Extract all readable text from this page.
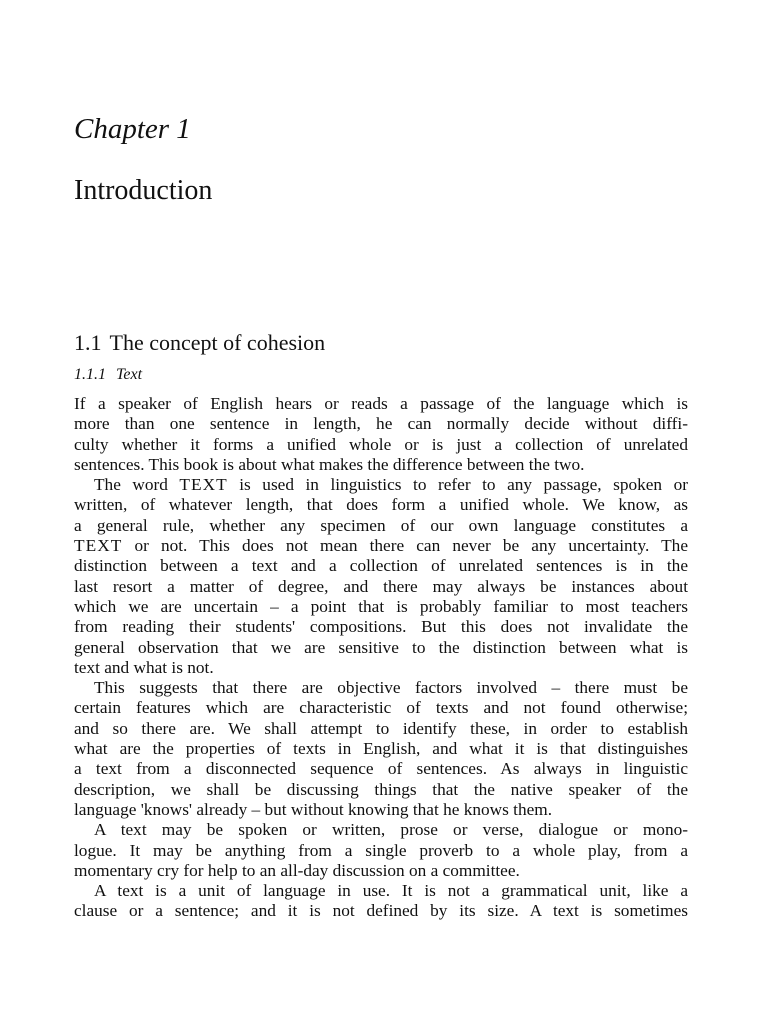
Chapter 1
Introduction
1.1 The concept of cohesion
1.1.1 Text
If a speaker of English hears or reads a passage of the language which is
more than one sentence in length, he can normally decide without diffi-
culty whether it forms a unified whole or is just a collection of unrelated
sentences. This book is about what makes the difference between the two.
The word TEXT is used in linguistics to refer to any passage, spoken or
written, of whatever length, that does form a unified whole. We know, as
a general rule, whether any specimen of our own language constitutes a
TEXT or not. This does not mean there can never be any uncertainty. The
distinction between a text and a collection of unrelated sentences is in the
last resort a matter of degree, and there may always be instances about
which we are uncertain – a point that is probably familiar to most teachers
from reading their students' compositions. But this does not invalidate the
general observation that we are sensitive to the distinction between what is
text and what is not.
This suggests that there are objective factors involved – there must be
certain features which are characteristic of texts and not found otherwise;
and so there are. We shall attempt to identify these, in order to establish
what are the properties of texts in English, and what it is that distinguishes
a text from a disconnected sequence of sentences. As always in linguistic
description, we shall be discussing things that the native speaker of the
language 'knows' already – but without knowing that he knows them.
A text may be spoken or written, prose or verse, dialogue or mono-
logue. It may be anything from a single proverb to a whole play, from a
momentary cry for help to an all-day discussion on a committee.
A text is a unit of language in use. It is not a grammatical unit, like a
clause or a sentence; and it is not defined by its size. A text is sometimes
